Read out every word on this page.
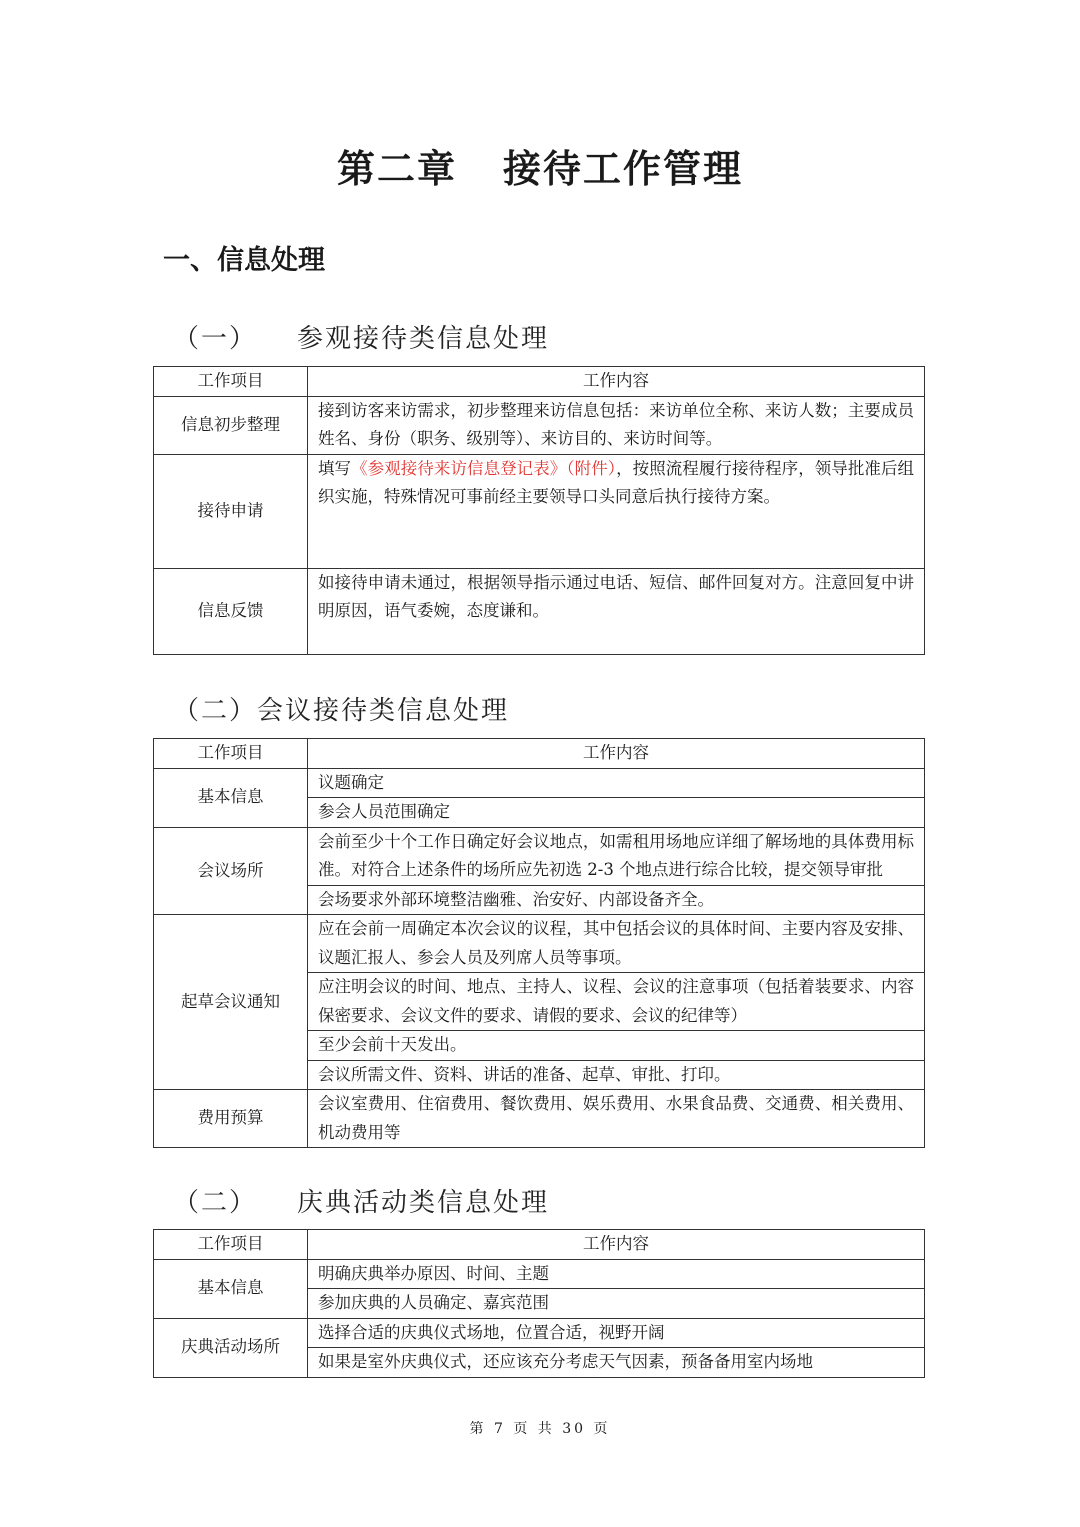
第二章 接待工作管理
一、信息处理
（一） 参观接待类信息处理
工作项目	工作内容
信息初步整理	接到访客来访需求，初步整理来访信息包括：来访单位全称、来访人数；主要成员姓名、身份（职务、级别等）、来访目的、来访时间等。
接待申请	填写《参观接待来访信息登记表》（附件），按照流程履行接待程序，领导批准后组织实施，特殊情况可事前经主要领导口头同意后执行接待方案。
信息反馈	如接待申请未通过，根据领导指示通过电话、短信、邮件回复对方。注意回复中讲明原因，语气委婉，态度谦和。
（二）会议接待类信息处理
工作项目	工作内容
基本信息	议题确定
	参会人员范围确定
会议场所	会前至少十个工作日确定好会议地点，如需租用场地应详细了解场地的具体费用标准。对符合上述条件的场所应先初选 2-3 个地点进行综合比较，提交领导审批
	会场要求外部环境整洁幽雅、治安好、内部设备齐全。
起草会议通知	应在会前一周确定本次会议的议程，其中包括会议的具体时间、主要内容及安排、议题汇报人、参会人员及列席人员等事项。
	应注明会议的时间、地点、主持人、议程、会议的注意事项（包括着装要求、内容保密要求、会议文件的要求、请假的要求、会议的纪律等）
	至少会前十天发出。
	会议所需文件、资料、讲话的准备、起草、审批、打印。
费用预算	会议室费用、住宿费用、餐饮费用、娱乐费用、水果食品费、交通费、相关费用、机动费用等
（二） 庆典活动类信息处理
工作项目	工作内容
基本信息	明确庆典举办原因、时间、主题
	参加庆典的人员确定、嘉宾范围
庆典活动场所	选择合适的庆典仪式场地，位置合适，视野开阔
	如果是室外庆典仪式，还应该充分考虑天气因素，预备备用室内场地
第 7 页 共 30 页
